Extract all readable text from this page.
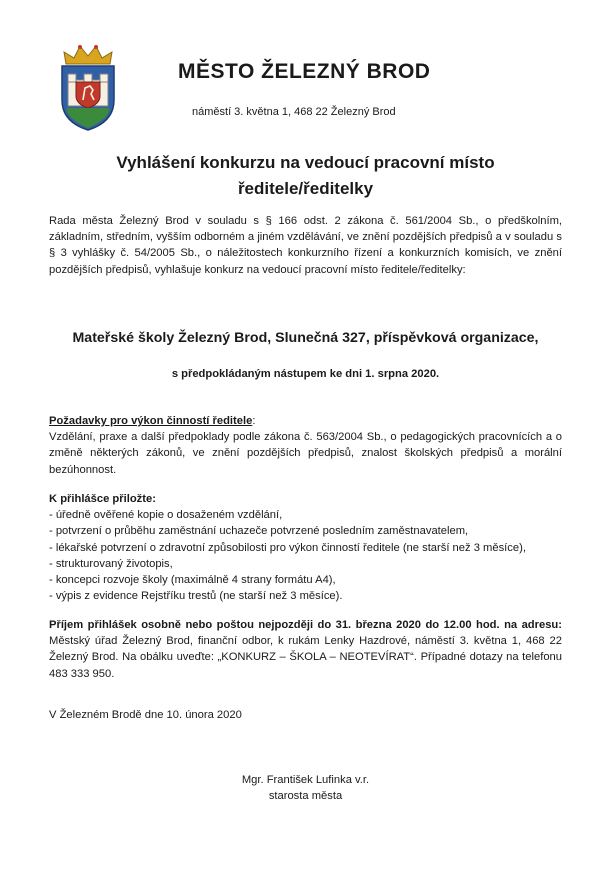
MĚSTO ŽELEZNÝ BROD
náměstí 3. května 1, 468 22 Železný Brod
Vyhlášení konkurzu na vedoucí pracovní místo
ředitele/ředitelky
Rada města Železný Brod v souladu s § 166 odst. 2 zákona č. 561/2004 Sb., o předškolním, základním, středním, vyšším odborném a jiném vzdělávání, ve znění pozdějších předpisů a v souladu s § 3 vyhlášky č. 54/2005 Sb., o náležitostech konkurzního řízení a konkurzních komisích, ve znění pozdějších předpisů, vyhlašuje konkurz na vedoucí pracovní místo ředitele/ředitelky:
Mateřské školy Železný Brod, Slunečná 327, příspěvková organizace,
s předpokládaným nástupem ke dni 1. srpna 2020.
Požadavky pro výkon činností ředitele:
Vzdělání, praxe a další předpoklady podle zákona č. 563/2004 Sb., o pedagogických pracovnících a o změně některých zákonů, ve znění pozdějších předpisů, znalost školských předpisů a morální bezúhonnost.
K přihlášce přiložte:
- úředně ověřené kopie o dosaženém vzdělání,
- potvrzení o průběhu zaměstnání uchazeče potvrzené posledním zaměstnavatelem,
- lékařské potvrzení o zdravotní způsobilosti pro výkon činností ředitele (ne starší než 3 měsíce),
- strukturovaný životopis,
- koncepci rozvoje školy (maximálně 4 strany formátu A4),
- výpis z evidence Rejstříku trestů (ne starší než 3 měsíce).
Příjem přihlášek osobně nebo poštou nejpozději do 31. března 2020 do 12.00 hod. na adresu: Městský úřad Železný Brod, finanční odbor, k rukám Lenky Hazdrové, náměstí 3. května 1, 468 22 Železný Brod. Na obálku uveďte: „KONKURZ – ŠKOLA – NEOTEVÍRAT“. Případné dotazy na telefonu 483 333 950.
V Železném Brodě dne 10. února 2020
Mgr. František Lufinka v.r.
starosta města
